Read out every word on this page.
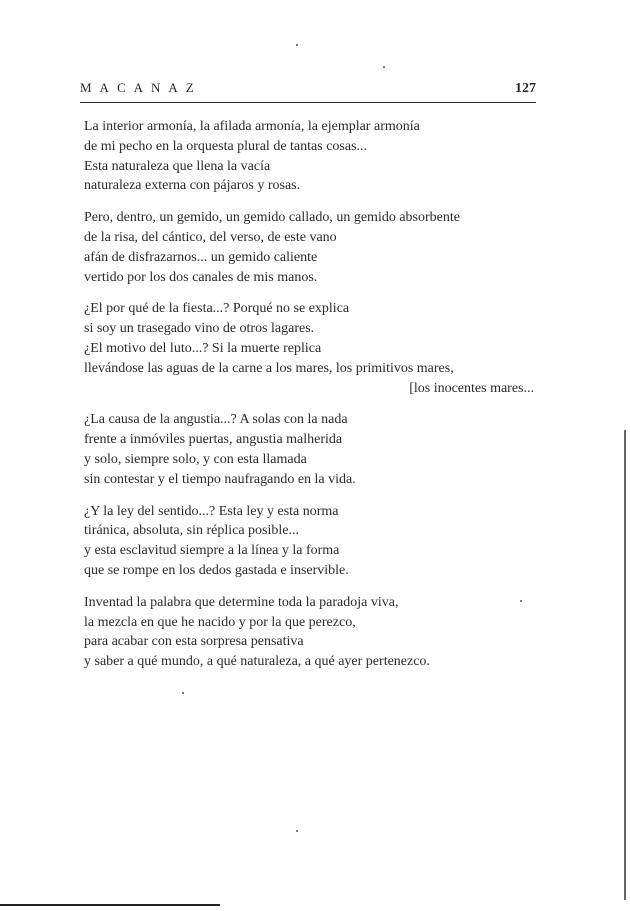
MACANAZ	127
La interior armonía, la afilada armonía, la ejemplar armonía
de mi pecho en la orquesta plural de tantas cosas...
Esta naturaleza que llena la vacía
naturaleza externa con pájaros y rosas.
Pero, dentro, un gemido, un gemido callado, un gemido absorbente
de la risa, del cántico, del verso, de este vano
afán de disfrazarnos... un gemido caliente
vertido por los dos canales de mis manos.
¿El por qué de la fiesta...? Porqué no se explica
si soy un trasegado vino de otros lagares.
¿El motivo del luto...? Si la muerte replica
llevándose las aguas de la carne a los mares, los primitivos mares,
[los inocentes mares...
¿La causa de la angustia...? A solas con la nada
frente a inmóviles puertas, angustia malherida
y solo, siempre solo, y con esta llamada
sin contestar y el tiempo naufragando en la vida.
¿Y la ley del sentido...? Esta ley y esta norma
tiránica, absoluta, sin réplica posible...
y esta esclavitud siempre a la línea y la forma
que se rompe en los dedos gastada e inservible.
Inventad la palabra que determine toda la paradoja viva,
la mezcla en que he nacido y por la que perezco,
para acabar con esta sorpresa pensativa
y saber a qué mundo, a qué naturaleza, a qué ayer pertenezco.
